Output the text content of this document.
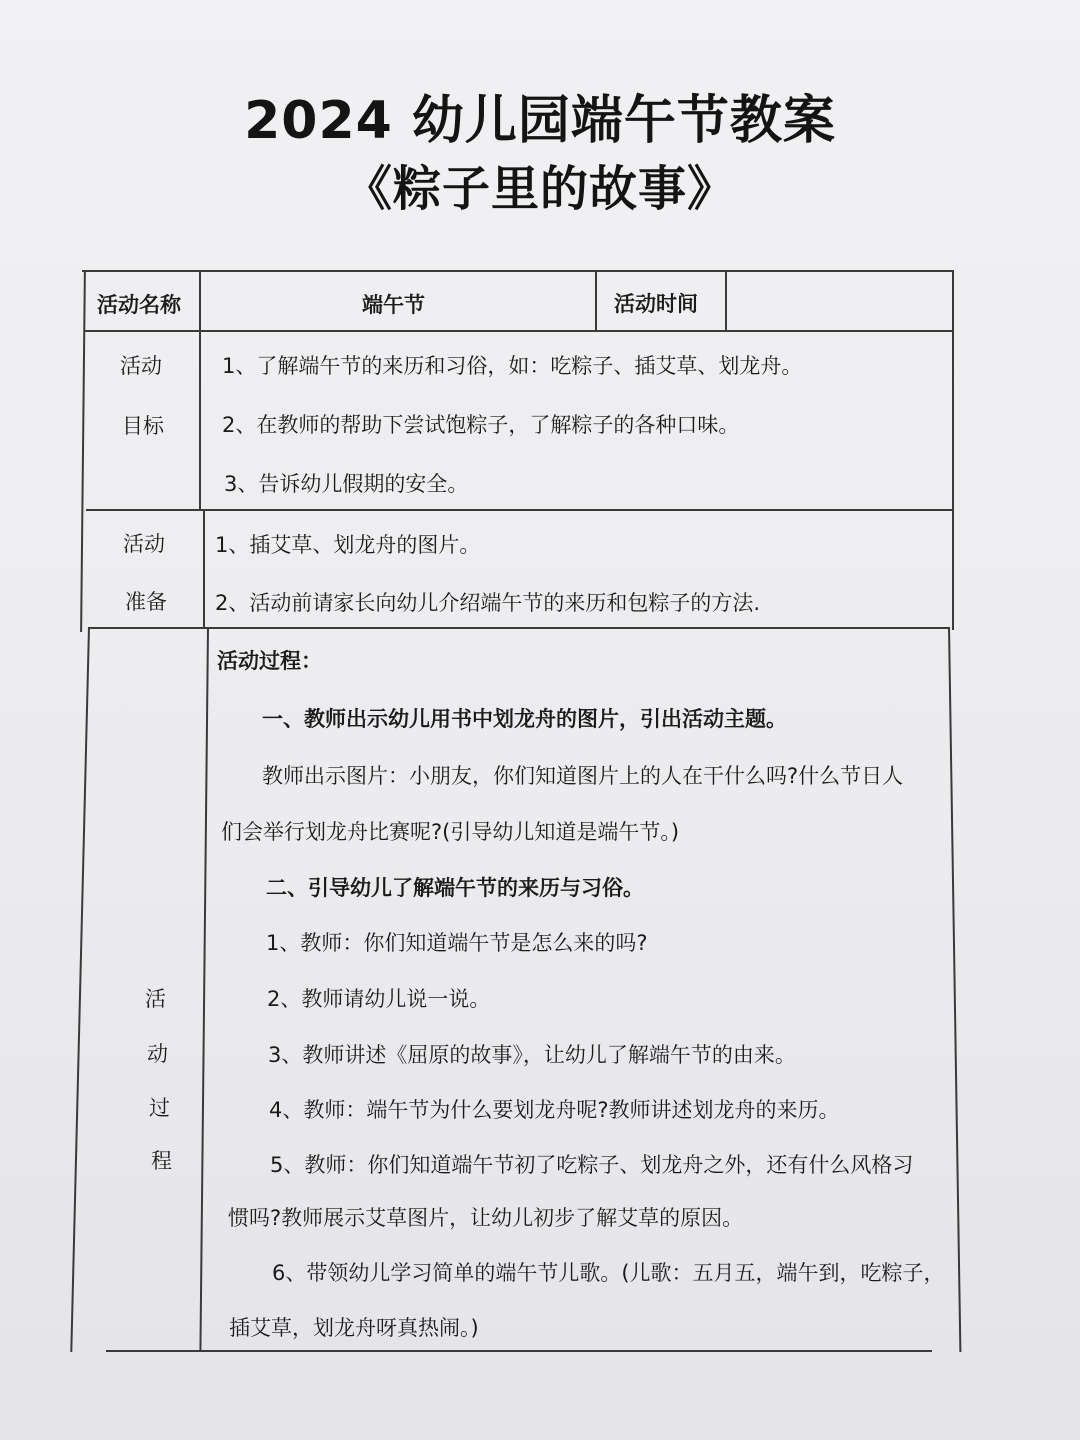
2024 幼儿园端午节教案
《粽子里的故事》
活动名称	端午节	活动时间
活动
目标
1、了解端午节的来历和习俗，如：吃粽子、插艾草、划龙舟。
2、在教师的帮助下尝试饱粽子，了解粽子的各种口味。
3、告诉幼儿假期的安全。
活动
准备
1、插艾草、划龙舟的图片。
2、活动前请家长向幼儿介绍端午节的来历和包粽子的方法.
活
动
过
程
活动过程：
一、教师出示幼儿用书中划龙舟的图片，引出活动主题。
教师出示图片：小朋友，你们知道图片上的人在干什么吗?什么节日人
们会举行划龙舟比赛呢?(引导幼儿知道是端午节。)
二、引导幼儿了解端午节的来历与习俗。
1、教师：你们知道端午节是怎么来的吗?
2、教师请幼儿说一说。
3、教师讲述《屈原的故事》，让幼儿了解端午节的由来。
4、教师：端午节为什么要划龙舟呢?教师讲述划龙舟的来历。
5、教师：你们知道端午节初了吃粽子、划龙舟之外，还有什么风格习
惯吗?教师展示艾草图片，让幼儿初步了解艾草的原因。
6、带领幼儿学习简单的端午节儿歌。(儿歌：五月五，端午到，吃粽子，
插艾草，划龙舟呀真热闹。)
